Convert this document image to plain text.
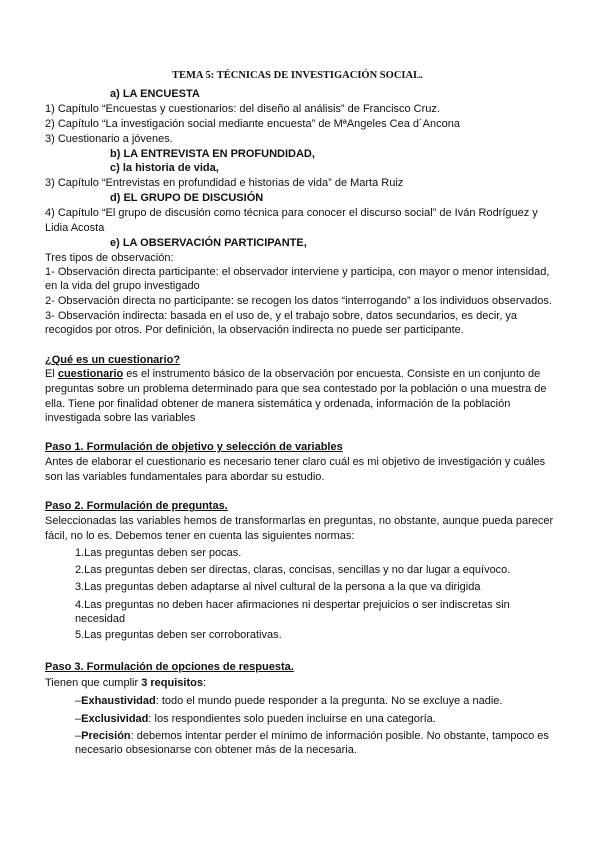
TEMA 5: TÉCNICAS DE INVESTIGACIÓN SOCIAL.
a) LA ENCUESTA
1) Capítulo “Encuestas y cuestionarios: del diseño al análisis” de Francisco Cruz.
2) Capítulo “La investigación social mediante encuesta” de MªAngeles Cea d´Ancona
3) Cuestionario a jóvenes.
b) LA ENTREVISTA EN PROFUNDIDAD,
c) la historia de vida,
3) Capítulo “Entrevistas en profundidad e historias de vida” de Marta Ruiz
d) EL GRUPO DE DISCUSIÓN
4) Capítulo “El grupo de discusión como técnica para conocer el discurso social” de Iván Rodríguez y
Lidia Acosta
e) LA OBSERVACIÓN PARTICIPANTE,
Tres tipos de observación:
1- Observación directa participante: el observador interviene y participa, con mayor o menor intensidad,
en la vida del grupo investigado
2- Observación directa no participante: se recogen los datos “interrogando” a los individuos observados.
3- Observación indirecta: basada en el uso de, y el trabajo sobre, datos secundarios, es decir, ya
recogidos por otros. Por definición, la observación indirecta no puede ser participante.
¿Qué es un cuestionario?
El cuestionario es el instrumento básico de la observación por encuesta. Consiste en un conjunto de
preguntas sobre un problema determinado para que sea contestado por la población o una muestra de
ella. Tiene por finalidad obtener de manera sistemática y ordenada, información de la población
investigada sobre las variables
Paso 1. Formulación de objetivo y selección de variables
Antes de elaborar el cuestionario es necesario tener claro cuál es mi objetivo de investigación y cuáles
son las variables fundamentales para abordar su estudio.
Paso 2. Formulación de preguntas.
Seleccionadas las variables hemos de transformarlas en preguntas, no obstante, aunque pueda parecer
fácil, no lo es. Debemos tener en cuenta las siguientes normas:
1.Las preguntas deben ser pocas.
2.Las preguntas deben ser directas, claras, concisas, sencillas y no dar lugar a equívoco.
3.Las preguntas deben adaptarse al nivel cultural de la persona a la que va dirigida
4.Las preguntas no deben hacer afirmaciones ni despertar prejuicios o ser indiscretas sin
necesidad
5.Las preguntas deben ser corroborativas.
Paso 3. Formulación de opciones de respuesta.
Tienen que cumplir 3 requisitos:
–Exhaustividad: todo el mundo puede responder a la pregunta. No se excluye a nadie.
–Exclusividad: los respondientes solo pueden incluirse en una categoría.
–Precisión: debemos intentar perder el mínimo de información posible. No obstante, tampoco es
necesario obsesionarse con obtener más de la necesaria.
